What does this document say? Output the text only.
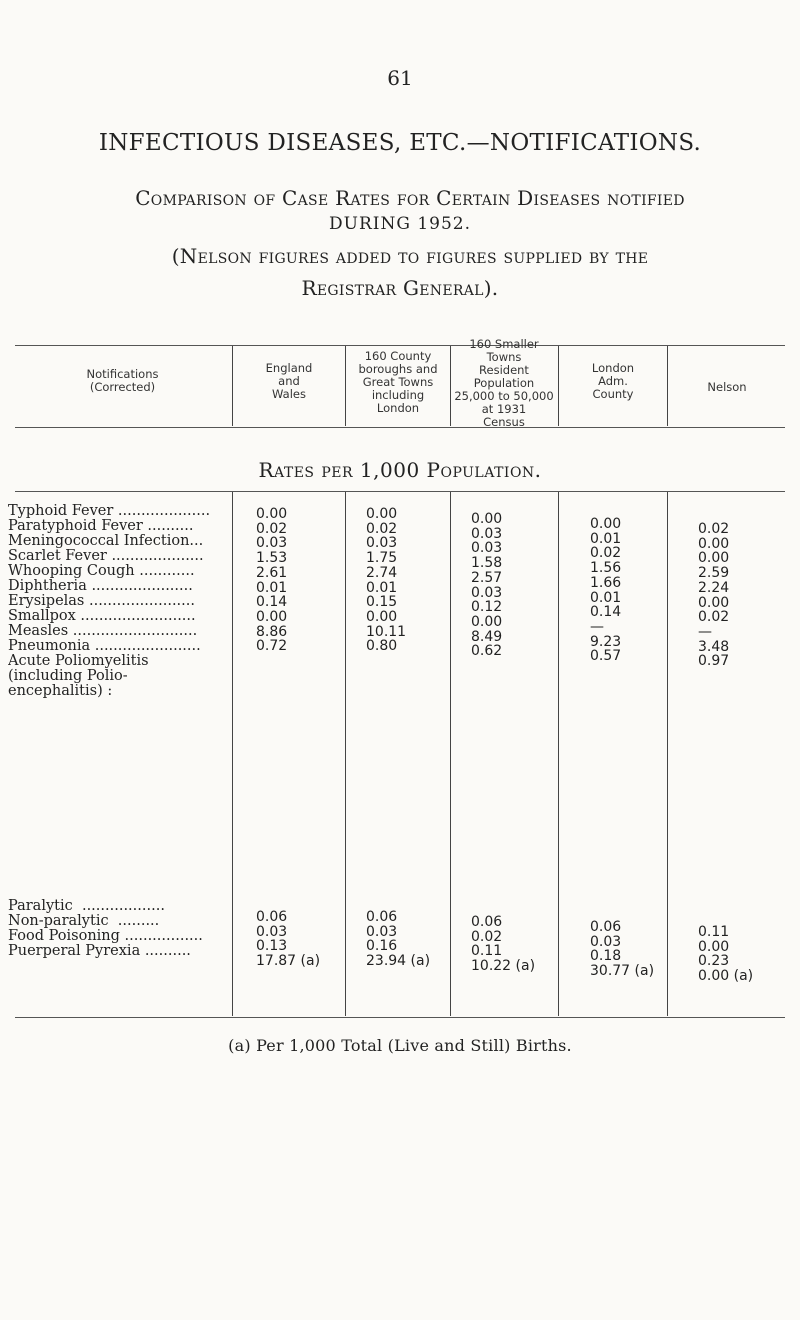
61
INFECTIOUS DISEASES, ETC.—NOTIFICATIONS.
Comparison of Case Rates for Certain Diseases notified
DURING 1952.
(Nelson figures added to figures supplied by the
Registrar General).
Notifications
(Corrected)
England
and
Wales
160 County
boroughs and
Great Towns
including
London
160 Smaller
Towns
Resident
Population
25,000 to 50,000
at 1931
Census
London
Adm.
County	Nelson
Rates per 1,000 Population.
Typhoid Fever ....................
Paratyphoid Fever ..........
Meningococcal Infection...
Scarlet Fever ....................
Whooping Cough ............
Diphtheria ......................
Erysipelas .......................
Smallpox .........................
Measles ...........................
Pneumonia .......................
Acute Poliomyelitis
(including Polio-
encephalitis) :
Paralytic  ..................
Non-paralytic  .........
Food Poisoning .................
Puerperal Pyrexia ..........
0.00
0.02
0.03
1.53
2.61
0.01
0.14
0.00
8.86
0.72
0.06
0.03
0.13
17.87 (a)
0.00
0.02
0.03
1.75
2.74
0.01
0.15
0.00
10.11
0.80
0.06
0.03
0.16
23.94 (a)
0.00
0.03
0.03
1.58
2.57
0.03
0.12
0.00
8.49
0.62
0.06
0.02
0.11
10.22 (a)
0.00
0.01
0.02
1.56
1.66
0.01
0.14
—
9.23
0.57
0.06
0.03
0.18
30.77 (a)
0.02
0.00
0.00
2.59
2.24
0.00
0.02
—
3.48
0.97
0.11
0.00
0.23
0.00 (a)
(a) Per 1,000 Total (Live and Still) Births.
